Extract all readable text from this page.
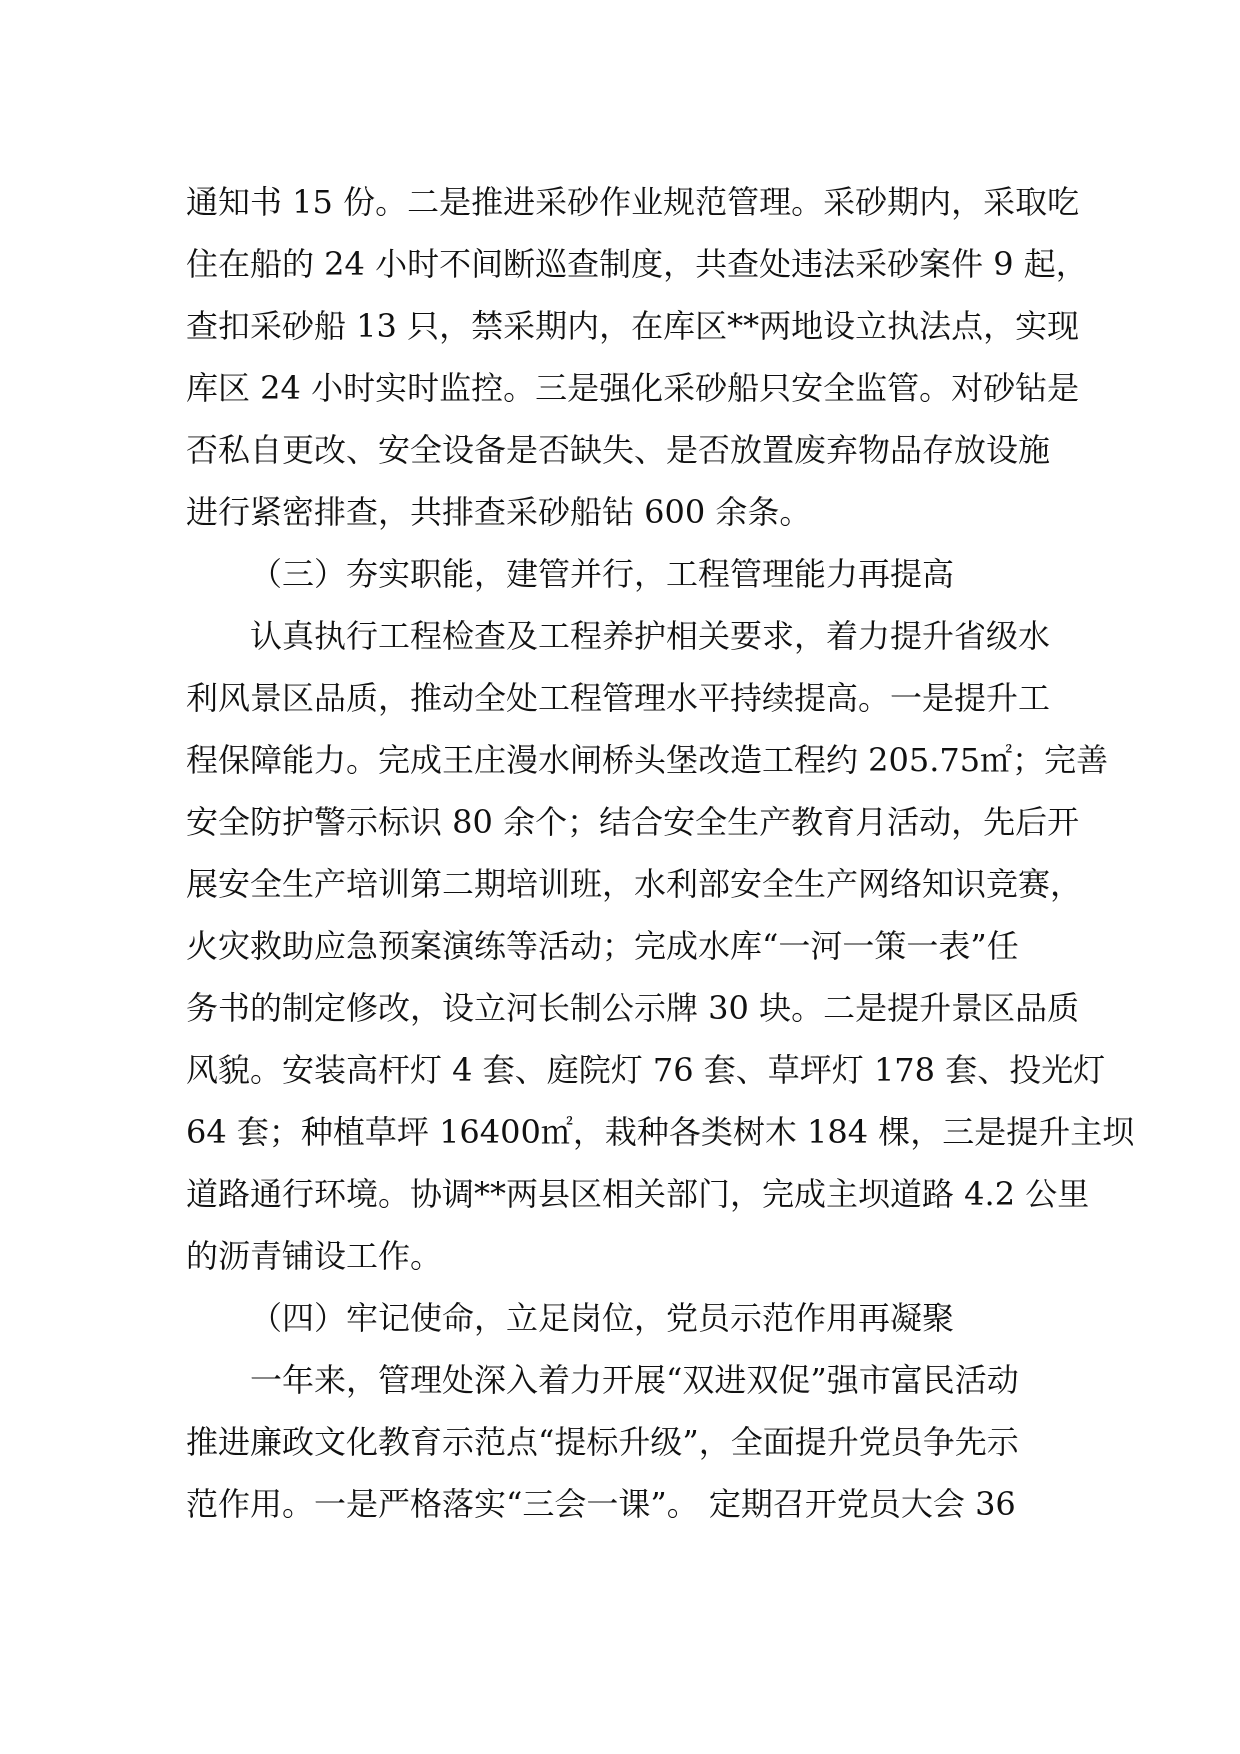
通知书 15 份。二是推进采砂作业规范管理。采砂期内，采取吃
住在船的 24 小时不间断巡查制度，共查处违法采砂案件 9 起，
查扣采砂船 13 只，禁采期内，在库区**两地设立执法点，实现
库区 24 小时实时监控。三是强化采砂船只安全监管。对砂钻是
否私自更改、安全设备是否缺失、是否放置废弃物品存放设施
进行紧密排查，共排查采砂船钻 600 余条。
（三）夯实职能，建管并行，工程管理能力再提高
认真执行工程检查及工程养护相关要求，着力提升省级水
利风景区品质，推动全处工程管理水平持续提高。一是提升工
程保障能力。完成王庄漫水闸桥头堡改造工程约 205.75㎡；完善
安全防护警示标识 80 余个；结合安全生产教育月活动，先后开
展安全生产培训第二期培训班，水利部安全生产网络知识竞赛，
火灾救助应急预案演练等活动；完成水库“一河一策一表”任
务书的制定修改，设立河长制公示牌 30 块。二是提升景区品质
风貌。安装高杆灯 4 套、庭院灯 76 套、草坪灯 178 套、投光灯
64 套；种植草坪 16400㎡，栽种各类树木 184 棵，三是提升主坝
道路通行环境。协调**两县区相关部门，完成主坝道路 4.2 公里
的沥青铺设工作。
（四）牢记使命，立足岗位，党员示范作用再凝聚
一年来，管理处深入着力开展“双进双促”强市富民活动
推进廉政文化教育示范点“提标升级”，全面提升党员争先示
范作用。一是严格落实“三会一课”。 定期召开党员大会 36
